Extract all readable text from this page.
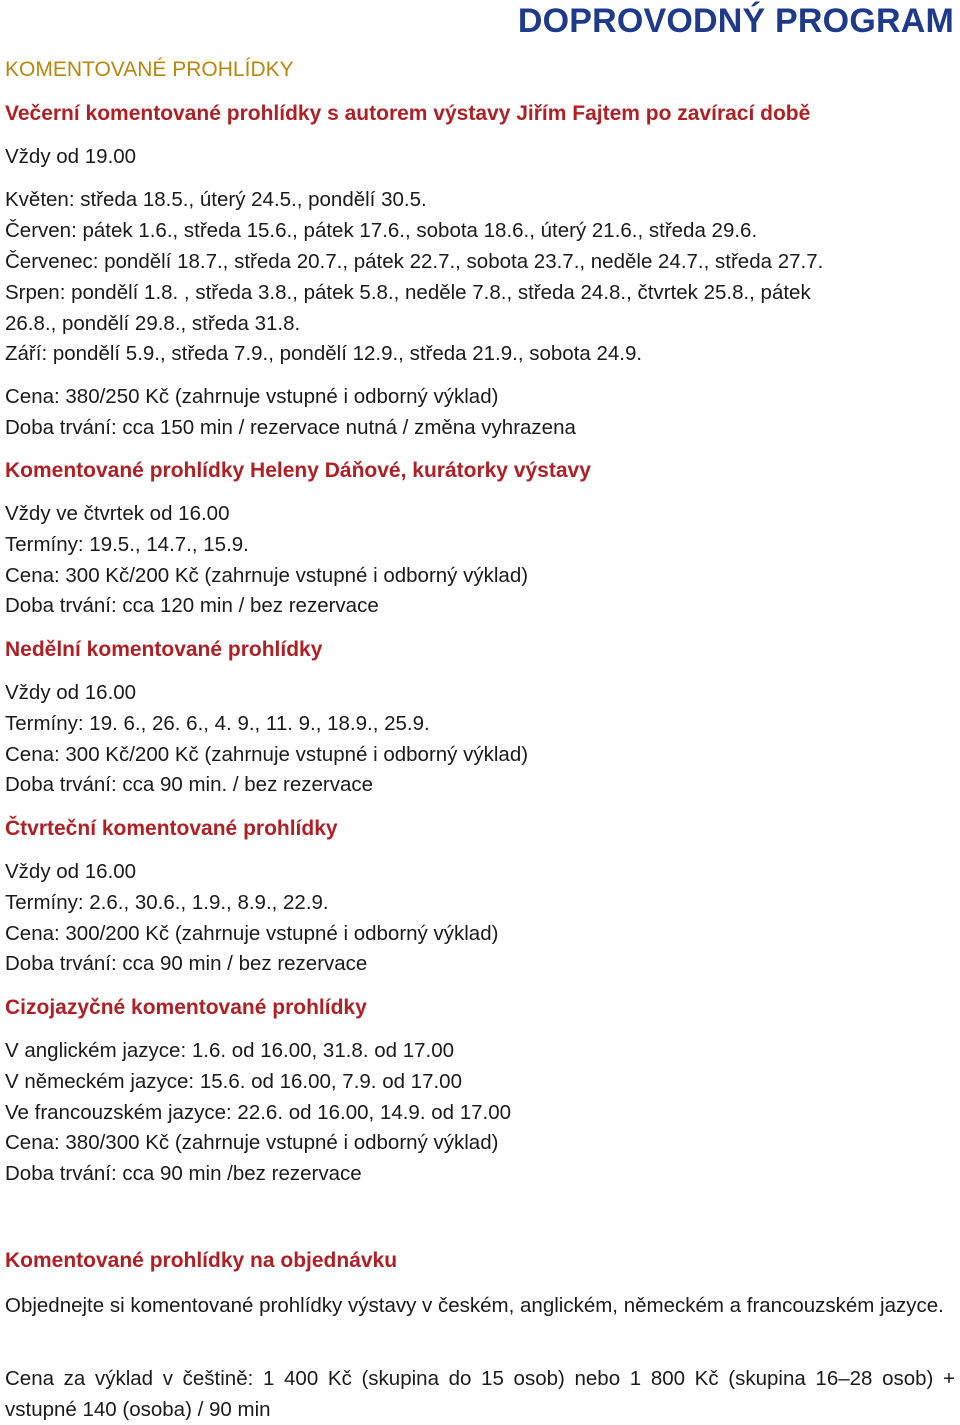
DOPROVODNÝ PROGRAM
KOMENTOVANÉ PROHLÍDKY
Večerní komentované prohlídky s autorem výstavy Jiřím Fajtem po zavírací době
Vždy od 19.00
Květen: středa 18.5., úterý 24.5., pondělí 30.5.
Červen: pátek 1.6., středa 15.6., pátek 17.6., sobota 18.6., úterý 21.6., středa 29.6.
Červenec: pondělí 18.7., středa 20.7., pátek 22.7., sobota 23.7., neděle 24.7., středa 27.7.
Srpen: pondělí 1.8. , středa 3.8., pátek 5.8., neděle 7.8., středa 24.8., čtvrtek 25.8., pátek
26.8., pondělí 29.8., středa 31.8.
Září: pondělí 5.9., středa 7.9., pondělí 12.9., středa 21.9., sobota 24.9.
Cena: 380/250 Kč (zahrnuje vstupné i odborný výklad)
Doba trvání: cca 150 min / rezervace nutná / změna vyhrazena
Komentované prohlídky Heleny Dáňové, kurátorky výstavy
Vždy ve čtvrtek od 16.00
Termíny: 19.5., 14.7., 15.9.
Cena: 300 Kč/200 Kč (zahrnuje vstupné i odborný výklad)
Doba trvání: cca 120 min / bez rezervace
Nedělní komentované prohlídky
Vždy od 16.00
Termíny: 19. 6., 26. 6., 4. 9., 11. 9., 18.9., 25.9.
Cena: 300 Kč/200 Kč (zahrnuje vstupné i odborný výklad)
Doba trvání: cca 90 min. / bez rezervace
Čtvrteční komentované prohlídky
Vždy od 16.00
Termíny: 2.6., 30.6., 1.9., 8.9., 22.9.
Cena: 300/200 Kč (zahrnuje vstupné i odborný výklad)
Doba trvání: cca 90 min / bez rezervace
Cizojazyčné komentované prohlídky
V anglickém jazyce: 1.6. od 16.00, 31.8. od 17.00
V německém jazyce: 15.6. od 16.00, 7.9. od 17.00
Ve francouzském jazyce: 22.6. od 16.00, 14.9. od 17.00
Cena: 380/300 Kč (zahrnuje vstupné i odborný výklad)
Doba trvání: cca 90 min /bez rezervace
Komentované prohlídky na objednávku
Objednejte si komentované prohlídky výstavy v českém, anglickém, německém a francouzském jazyce.
Cena za výklad v češtině: 1 400 Kč (skupina do 15 osob) nebo 1 800 Kč (skupina 16–28 osob) + vstupné 140 (osoba) / 90 min
